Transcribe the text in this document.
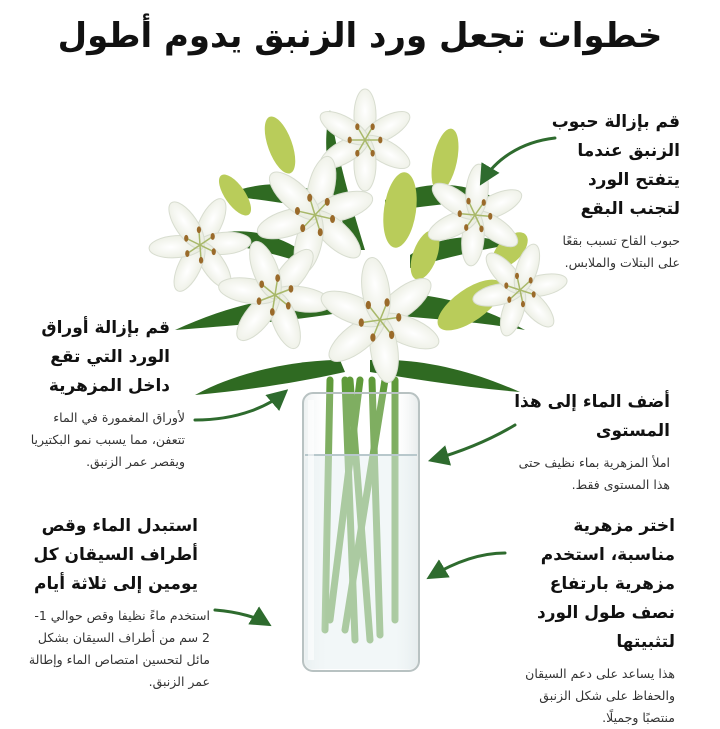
خطوات تجعل ورد الزنبق يدوم أطول
قم بإزالة حبوب الزنبق عندما يتفتح الورد لتجنب البقع
حبوب القاح تسبب بقعًا على البتلات والملابس.
قم بإزالة أوراق الورد التي تقع داخل المزهرية
لأوراق المغمورة في الماء تتعفن، مما يسبب نمو البكتيريا ويقصر عمر الزنبق.
أضف الماء إلى هذا المستوى
املأ المزهرية بماء نظيف حتى هذا المستوى فقط.
استبدل الماء وقص أطراف السيقان كل يومين إلى ثلاثة أيام
استخدم ماءً نظيفا وقص حوالي 1-2 سم من أطراف السيقان بشكل مائل لتحسين امتصاص الماء وإطالة عمر الزنبق.
اختر مزهرية مناسبة، استخدم مزهرية بارتفاع نصف طول الورد لتثبيتها
هذا يساعد على دعم السيقان والحفاظ على شكل الزنبق منتصبًا وجميلًا.
